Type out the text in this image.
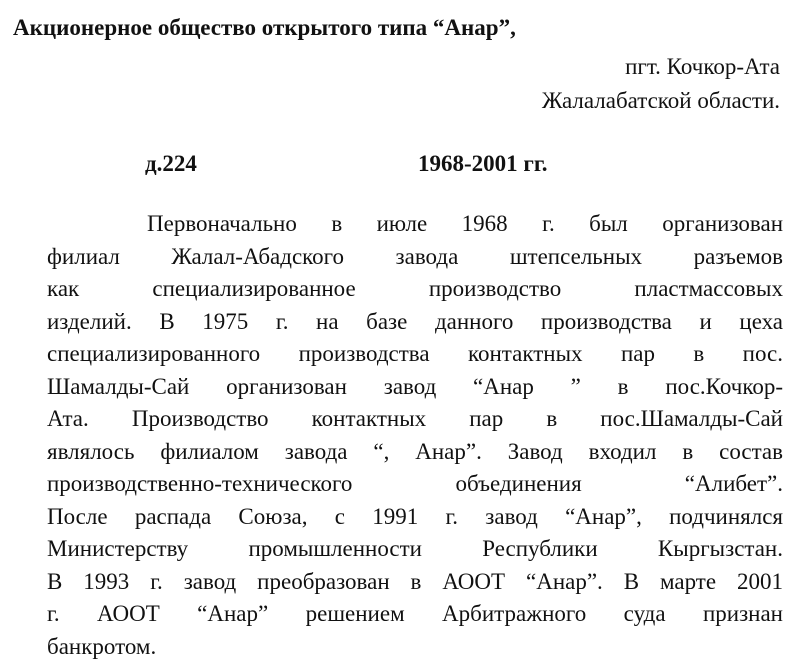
Акционерное общество открытого типа “Анар”,
пгт. Кочкор-Ата
Жалалабатской области.
д.224	1968-2001 гг.
Первоначально в июле 1968 г. был организован
филиал Жалал-Абадского завода штепсельных разъемов
как специализированное производство пластмассовых
изделий. В 1975 г. на базе данного производства и цеха
специализированного производства контактных пар в пос.
Шамалды-Сай организован завод “Анар ” в пос.Кочкор-
Ата. Производство контактных пар в пос.Шамалды-Сай
являлось филиалом завода “, Анар”. Завод входил в состав
производственно-технического объединения “Алибет”.
После распада Союза, с 1991 г. завод “Анар”, подчинялся
Министерству промышленности Республики Кыргызстан.
В 1993 г. завод преобразован в АООТ “Анар”. В марте 2001
г. АООТ “Анар” решением Арбитражного суда признан
банкротом.
